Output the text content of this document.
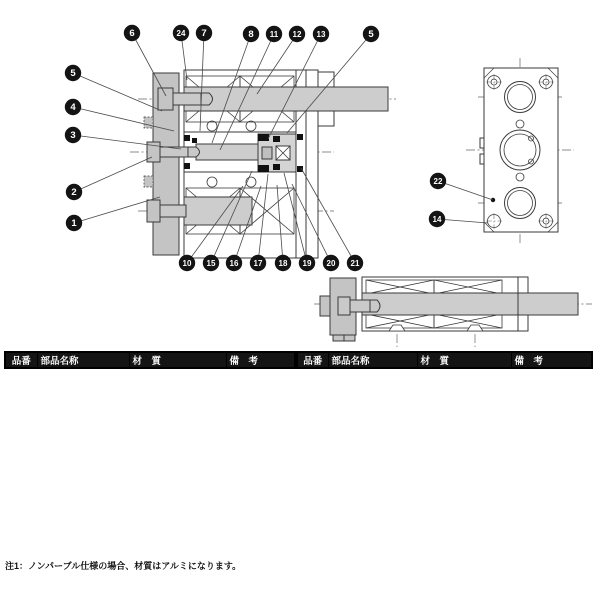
6	24 7	8 11 12 13	5
5
4
3
2
1
10 15 16 17 18 19 20 21
22
14
品番	部品名称	材　質	備　考	品番	部品名称	材　質	備　考
注1：ノンパーブル仕様の場合、材質はアルミになります。
